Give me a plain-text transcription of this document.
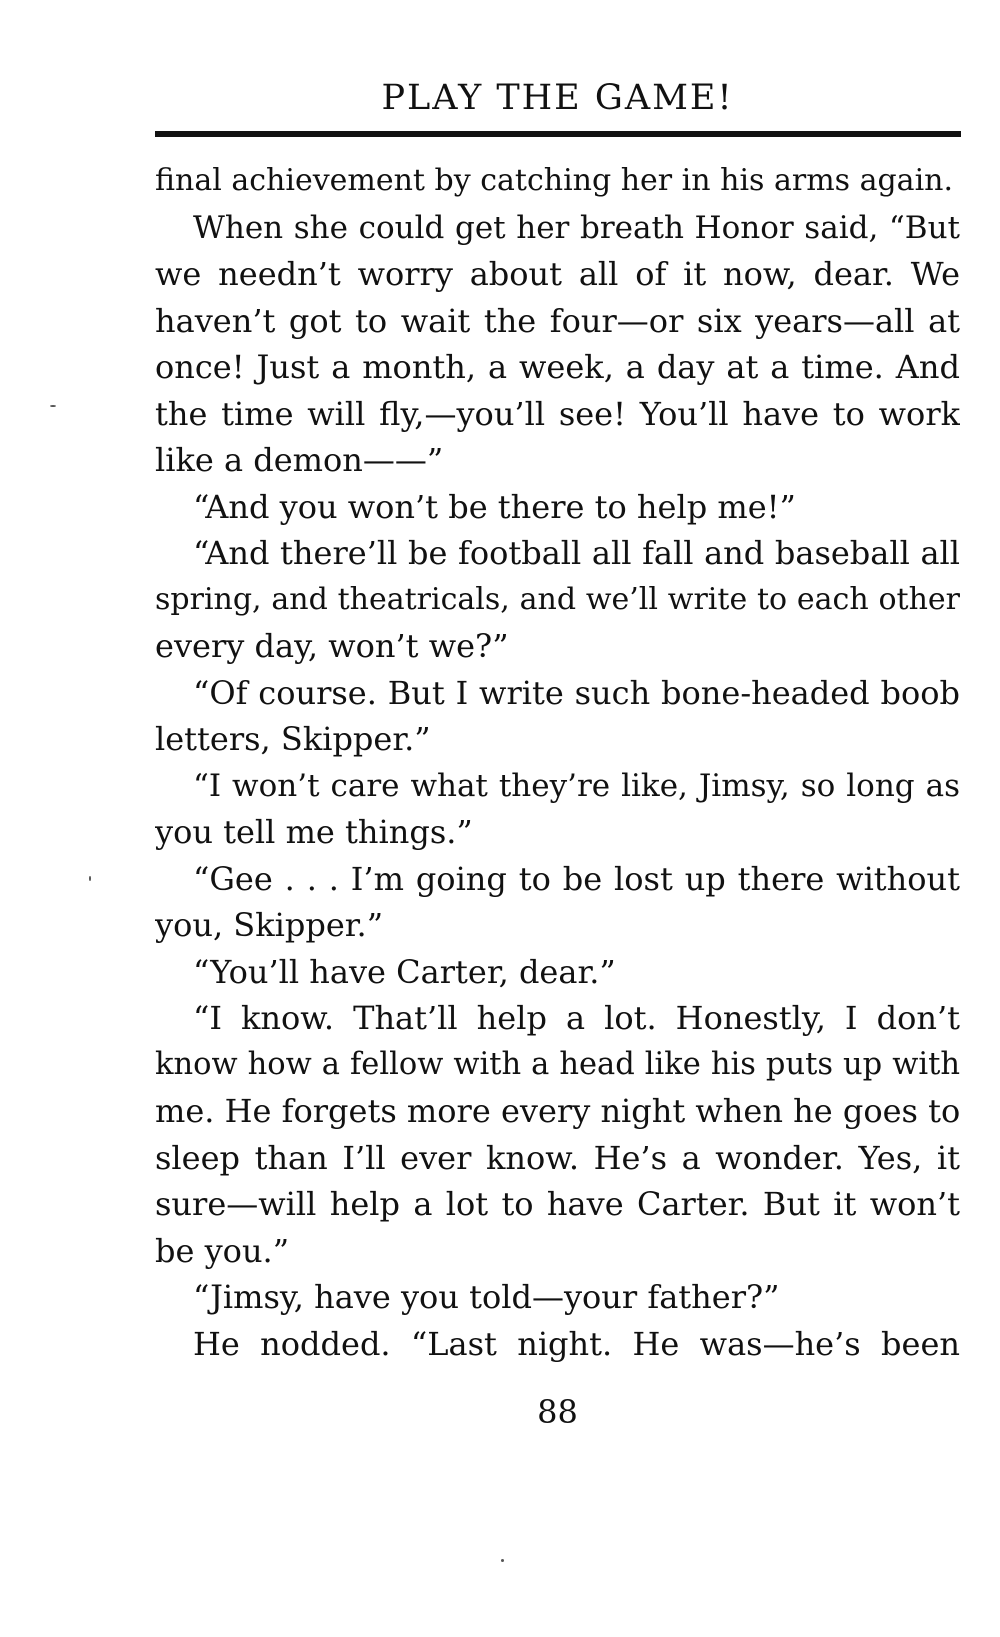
PLAY THE GAME!
final achievement by catching her in his arms again.
When she could get her breath Honor said, “But
we needn’t worry about all of it now, dear. We
haven’t got to wait the four—or six years—all at
once! Just a month, a week, a day at a time. And
the time will fly,—you’ll see! You’ll have to work
like a demon——”
“And you won’t be there to help me!”
“And there’ll be football all fall and baseball all
spring, and theatricals, and we’ll write to each other
every day, won’t we?”
“Of course. But I write such bone-headed boob
letters, Skipper.”
“I won’t care what they’re like, Jimsy, so long as
you tell me things.”
“Gee . . . I’m going to be lost up there without
you, Skipper.”
“You’ll have Carter, dear.”
“I know. That’ll help a lot. Honestly, I don’t
know how a fellow with a head like his puts up with
me. He forgets more every night when he goes to
sleep than I’ll ever know. He’s a wonder. Yes, it
sure—will help a lot to have Carter. But it won’t
be you.”
“Jimsy, have you told—your father?”
He nodded. “Last night. He was—he’s been
88
